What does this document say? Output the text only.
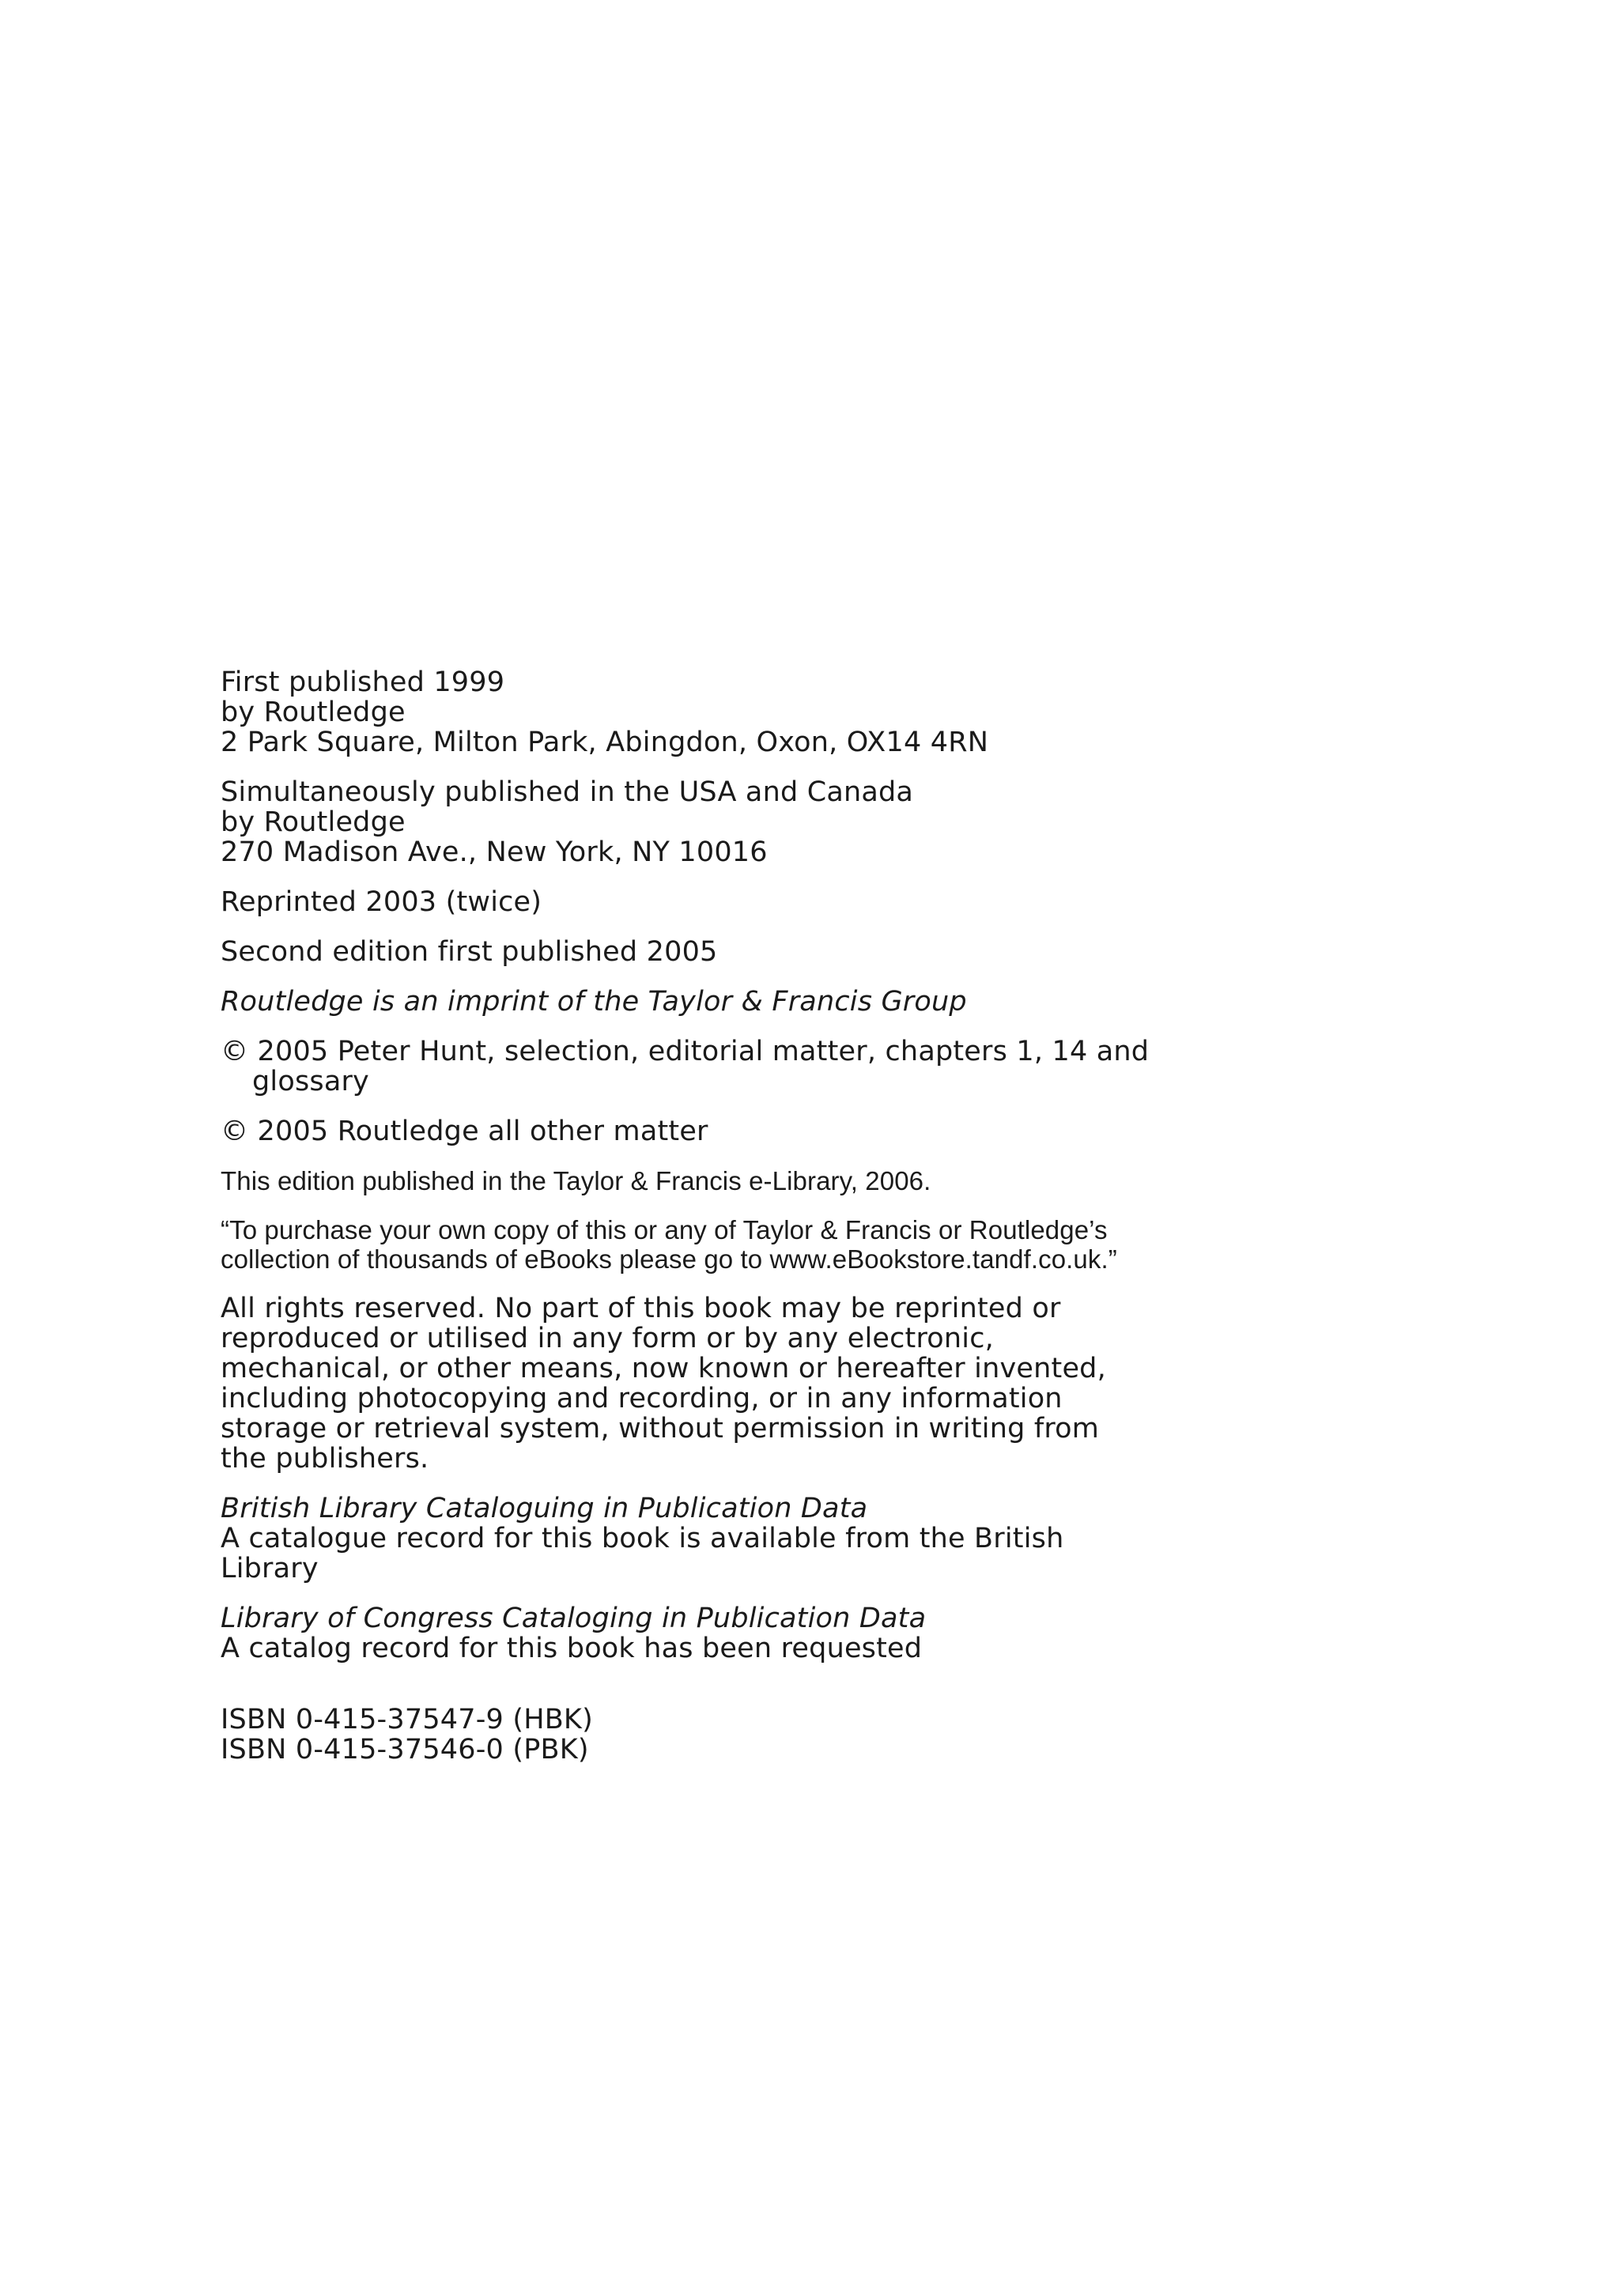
First published 1999
by Routledge
2 Park Square, Milton Park, Abingdon, Oxon, OX14 4RN
Simultaneously published in the USA and Canada
by Routledge
270 Madison Ave., New York, NY 10016
Reprinted 2003 (twice)
Second edition first published 2005
Routledge is an imprint of the Taylor & Francis Group
© 2005 Peter Hunt, selection, editorial matter, chapters 1, 14 and
glossary
© 2005 Routledge all other matter
This edition published in the Taylor & Francis e-Library, 2006.
“To purchase your own copy of this or any of Taylor & Francis or Routledge’s
collection of thousands of eBooks please go to www.eBookstore.tandf.co.uk.”
All rights reserved. No part of this book may be reprinted or
reproduced or utilised in any form or by any electronic,
mechanical, or other means, now known or hereafter invented,
including photocopying and recording, or in any information
storage or retrieval system, without permission in writing from
the publishers.
British Library Cataloguing in Publication Data
A catalogue record for this book is available from the British
Library
Library of Congress Cataloging in Publication Data
A catalog record for this book has been requested
ISBN 0-415-37547-9 (HBK)
ISBN 0-415-37546-0 (PBK)
